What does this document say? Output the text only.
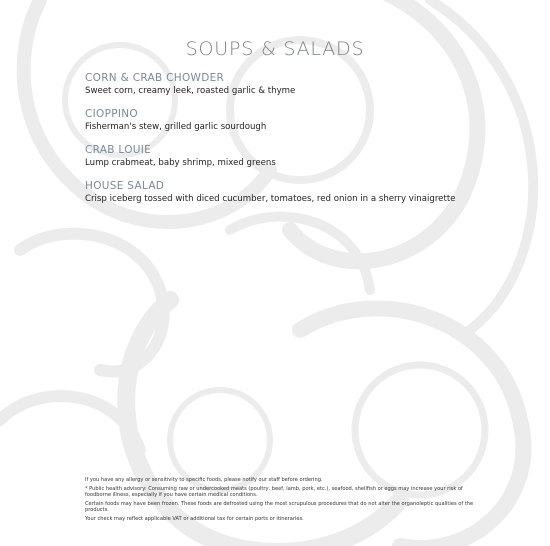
SOUPS & SALADS
CORN & CRAB CHOWDER
Sweet corn, creamy leek, roasted garlic & thyme
CIOPPINO
Fisherman's stew, grilled garlic sourdough
CRAB LOUIE
Lump crabmeat, baby shrimp, mixed greens
HOUSE SALAD
Crisp iceberg tossed with diced cucumber, tomatoes, red onion in a sherry vinaigrette
If you have any allergy or sensitivity to specific foods, please notify our staff before ordering.
* Public health advisory: Consuming raw or undercooked meats (poultry, beef, lamb, pork, etc.), seafood, shellfish or eggs may increase your risk of foodborne illness, especially if you have certain medical conditions.
Certain foods may have been frozen. These foods are defrosted using the most scrupulous procedures that do not alter the organoleptic qualities of the products.
Your check may reflect applicable VAT or additional tax for certain ports or itineraries.
